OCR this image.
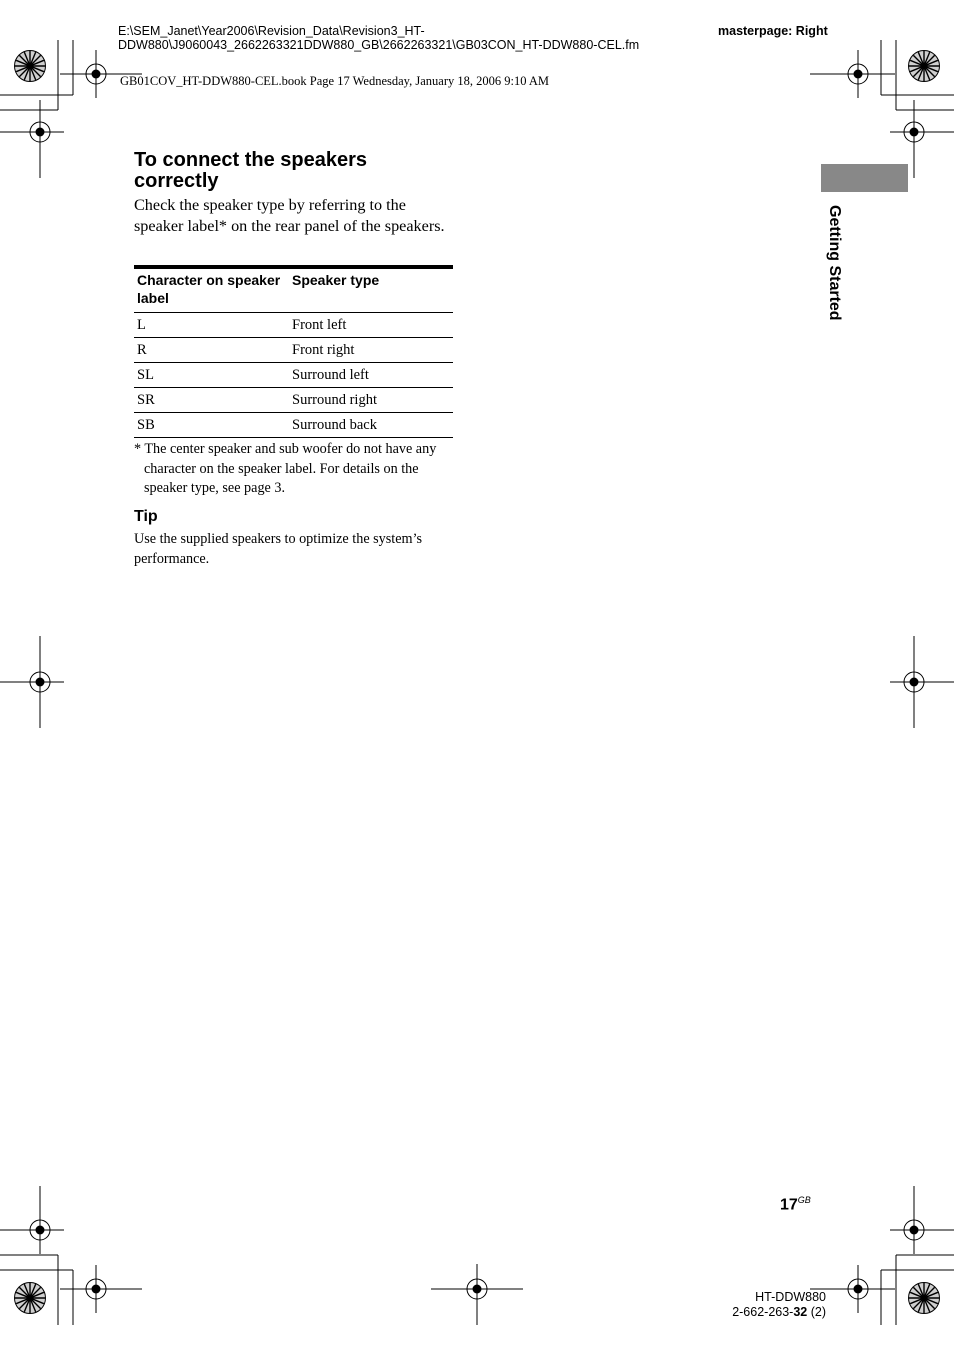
E:\SEM_Janet\Year2006\Revision_Data\Revision3_HT-
DDW880\J9060043_2662263321DDW880_GB\2662263321\GB03CON_HT-DDW880-CEL.fm
masterpage: Right
GB01COV_HT-DDW880-CEL.book Page 17 Wednesday, January 18, 2006 9:10 AM
To connect the speakers correctly

Check the speaker type by referring to the speaker label* on the rear panel of the speakers.

Character on speaker label	Speaker type
L	Front left
R	Front right
SL	Surround left
SR	Surround right
SB	Surround back

* The center speaker and sub woofer do not have any character on the speaker label. For details on the speaker type, see page 3.

Tip

Use the supplied speakers to optimize the system’s performance.

Getting Started
$17^{GB}$
HT-DDW880
2-662-263-32 (2)
